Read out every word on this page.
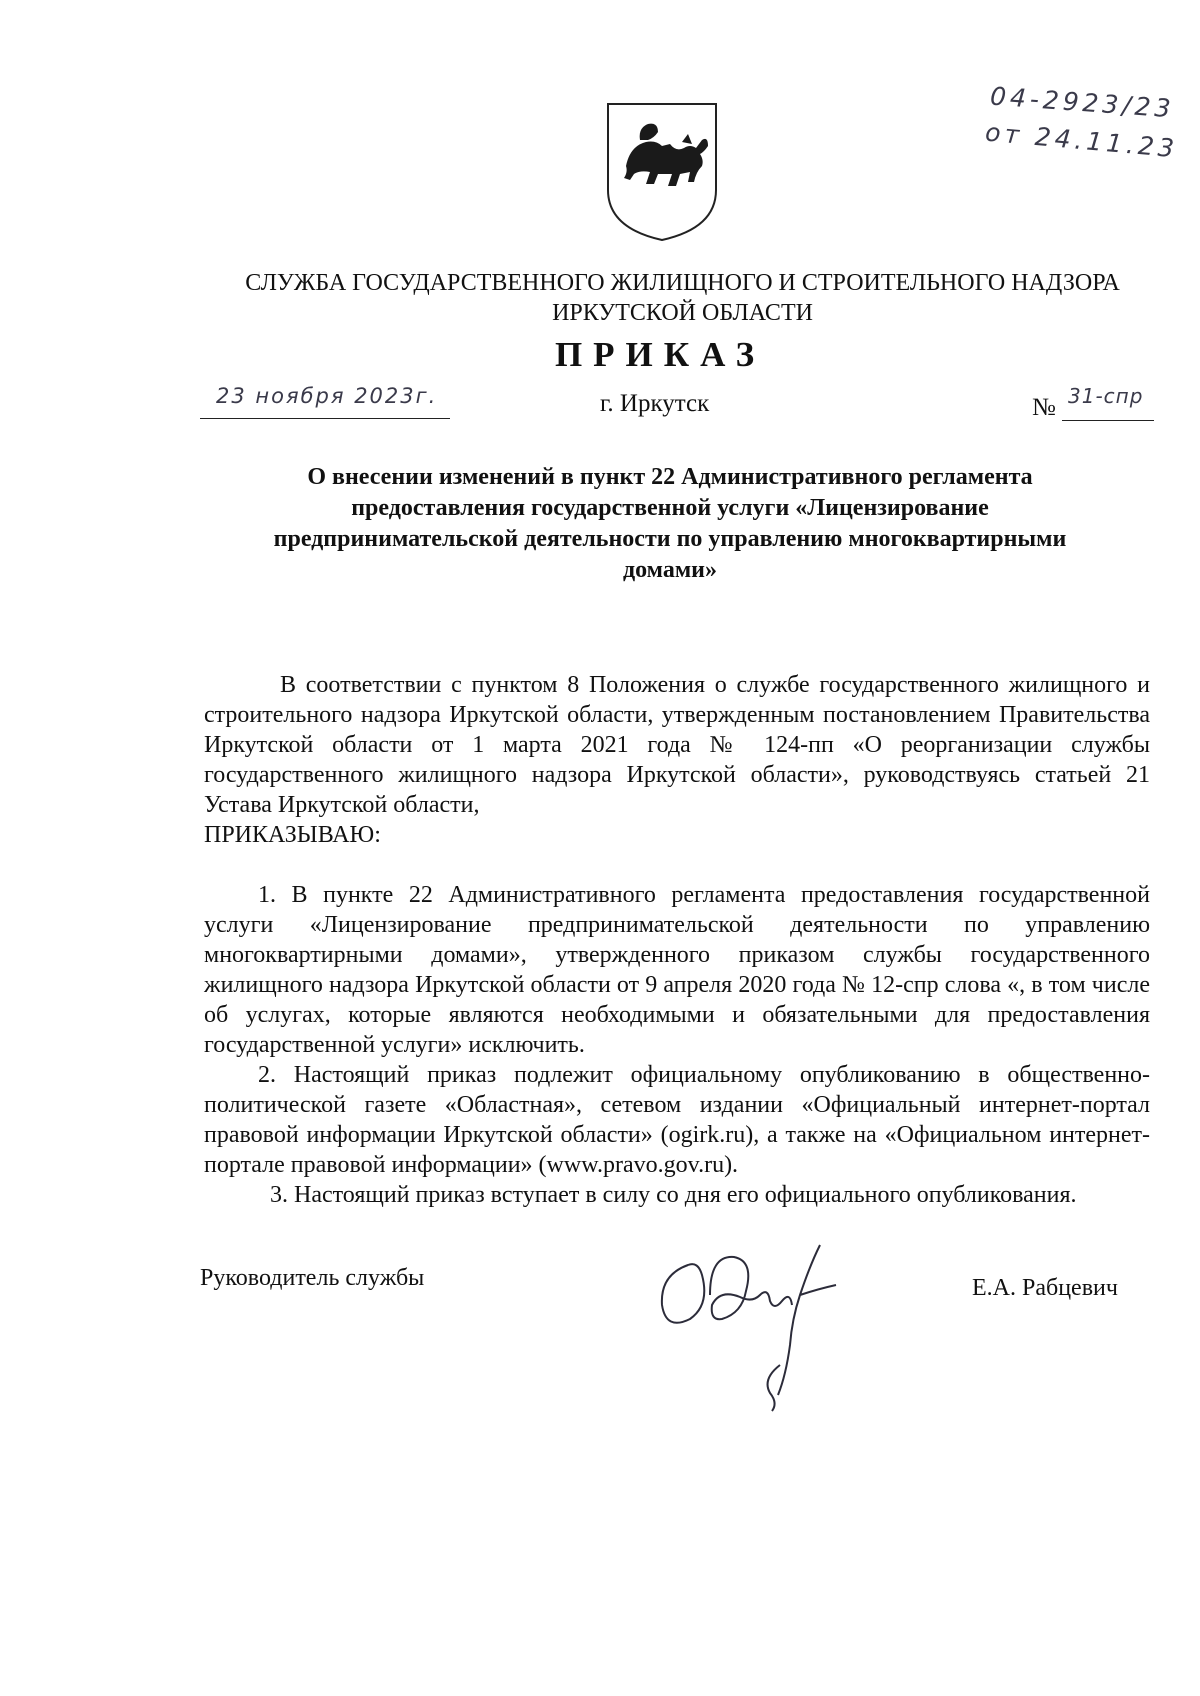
04-2923/23
от 24.11.23
СЛУЖБА ГОСУДАРСТВЕННОГО ЖИЛИЩНОГО И СТРОИТЕЛЬНОГО НАДЗОРА
ИРКУТСКОЙ ОБЛАСТИ
ПРИКАЗ
23 ноября 2023г.	г. Иркутск	№ 31-спр
О внесении изменений в пункт 22 Административного регламента
предоставления государственной услуги «Лицензирование
предпринимательской деятельности по управлению многоквартирными
домами»

В соответствии с пунктом 8 Положения о службе государственного жилищного и строительного надзора Иркутской области, утвержденным постановлением Правительства Иркутской области от 1 марта 2021 года № 124-пп «О реорганизации службы государственного жилищного надзора Иркутской области», руководствуясь статьей 21 Устава Иркутской области,

ПРИКАЗЫВАЮ:

1. В пункте 22 Административного регламента предоставления государственной услуги «Лицензирование предпринимательской деятельности по управлению многоквартирными домами», утвержденного приказом службы государственного жилищного надзора Иркутской области от 9 апреля 2020 года № 12-спр слова «, в том числе об услугах, которые являются необходимыми и обязательными для предоставления государственной услуги» исключить.

2. Настоящий приказ подлежит официальному опубликованию в общественно-политической газете «Областная», сетевом издании «Официальный интернет-портал правовой информации Иркутской области» (ogirk.ru), а также на «Официальном интернет-портале правовой информации» (www.pravo.gov.ru).

3. Настоящий приказ вступает в силу со дня его официального опубликования.

Руководитель службы	Е.А. Рабцевич
